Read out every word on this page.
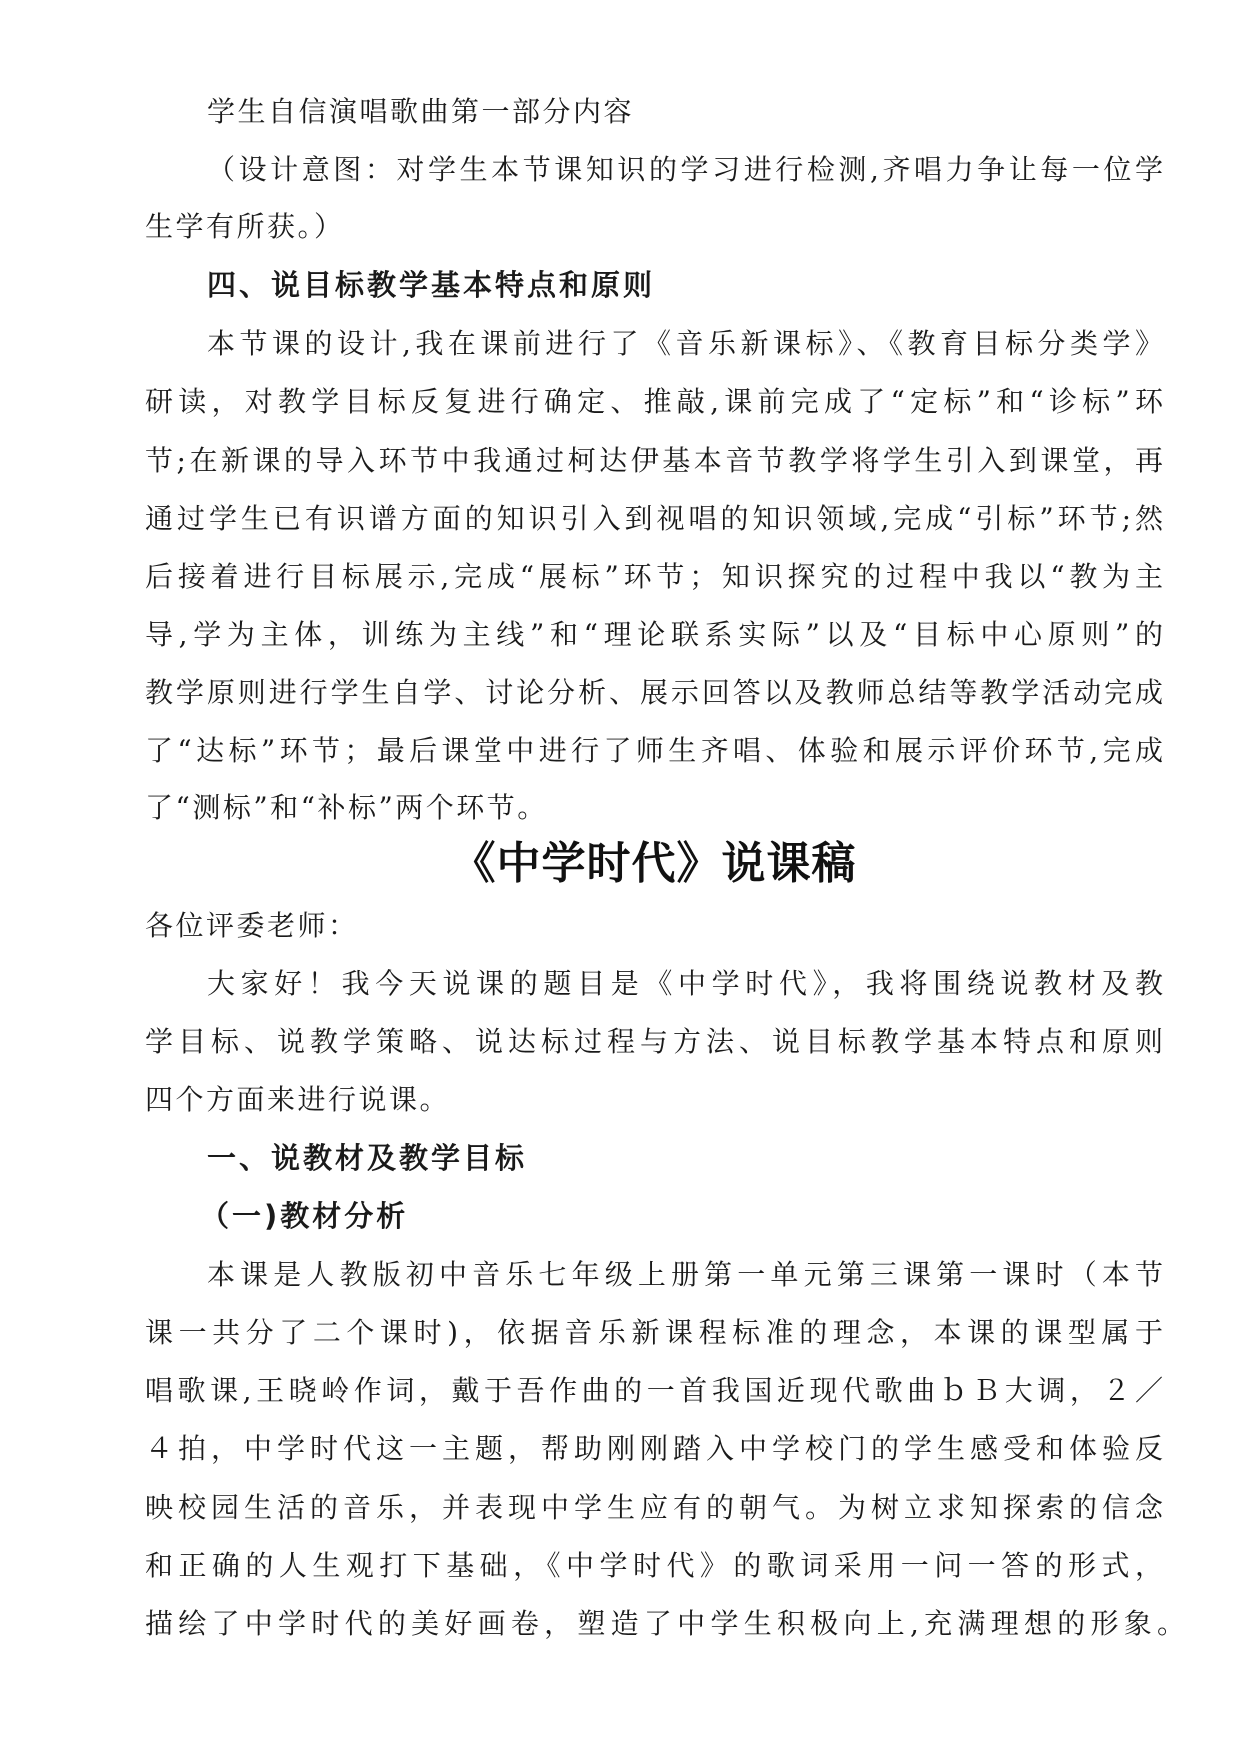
学生自信演唱歌曲第一部分内容
（设计意图：对学生本节课知识的学习进行检测,齐唱力争让每一位学
生学有所获。）
四、说目标教学基本特点和原则
本节课的设计,我在课前进行了《音乐新课标》、《教育目标分类学》
研读，对教学目标反复进行确定、推敲,课前完成了“定标”和“诊标”环
节;在新课的导入环节中我通过柯达伊基本音节教学将学生引入到课堂，再
通过学生已有识谱方面的知识引入到视唱的知识领域,完成“引标”环节;然
后接着进行目标展示,完成“展标”环节；知识探究的过程中我以“教为主
导,学为主体，训练为主线”和“理论联系实际”以及“目标中心原则”的
教学原则进行学生自学、讨论分析、展示回答以及教师总结等教学活动完成
了“达标”环节；最后课堂中进行了师生齐唱、体验和展示评价环节,完成
了“测标”和“补标”两个环节。
《中学时代》说课稿
各位评委老师：
大家好！我今天说课的题目是《中学时代》，我将围绕说教材及教
学目标、说教学策略、说达标过程与方法、说目标教学基本特点和原则
四个方面来进行说课。
一、说教材及教学目标
（一)教材分析
本课是人教版初中音乐七年级上册第一单元第三课第一课时（本节
课一共分了二个课时)，依据音乐新课程标准的理念，本课的课型属于
唱歌课,王晓岭作词，戴于吾作曲的一首我国近现代歌曲ｂＢ大调，２／
４拍，中学时代这一主题，帮助刚刚踏入中学校门的学生感受和体验反
映校园生活的音乐，并表现中学生应有的朝气。为树立求知探索的信念
和正确的人生观打下基础，《中学时代》的歌词采用一问一答的形式，
描绘了中学时代的美好画卷，塑造了中学生积极向上,充满理想的形象。
